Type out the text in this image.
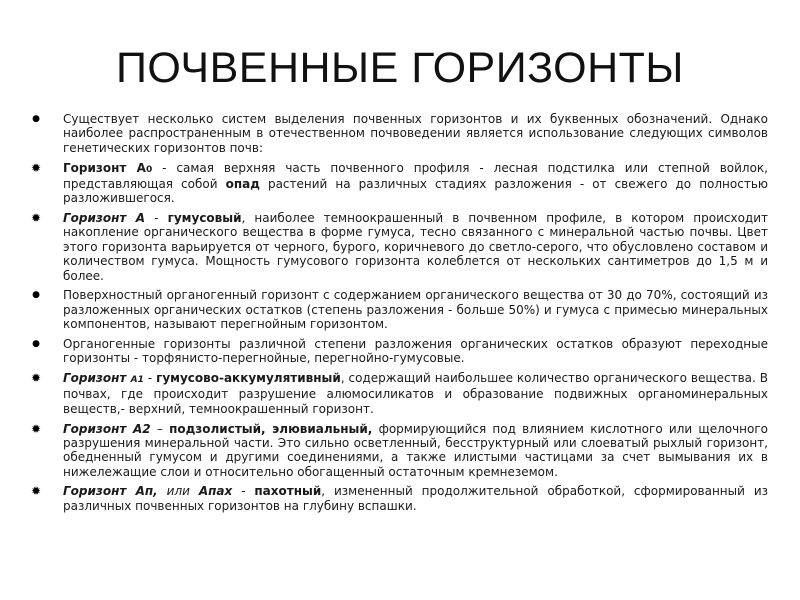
ПОЧВЕННЫЕ ГОРИЗОНТЫ
●
Существует несколько систем выделения почвенных горизонтов и их буквенных обозначений. Однако наиболее распространенным в отечественном почвоведении является использование следующих символов генетических горизонтов почв:
✹
Горизонт А0 - самая верхняя часть почвенного профиля - лесная подстилка или степной войлок, представляющая собой опад растений на различных стадиях разложения - от свежего до полностью разложившегося.
✹
Горизонт А - гумусовый, наиболее темноокрашенный в почвенном профиле, в котором происходит накопление органического вещества в форме гумуса, тесно связанного с минеральной частью почвы. Цвет этого горизонта варьируется от черного, бурого, коричневого до светло-серого, что обусловлено составом и количеством гумуса. Мощность гумусового горизонта колеблется от нескольких сантиметров до 1,5 м и более.
●
Поверхностный органогенный горизонт с содержанием органического вещества от 30 до 70%, состоящий из разложенных органических остатков (степень разложения - больше 50%) и гумуса с примесью минеральных компонентов, называют перегнойным горизонтом.
●
Органогенные горизонты различной степени разложения органических остатков образуют переходные горизонты - торфянисто-перегнойные, перегнойно-гумусовые.
✹
Горизонт А1 - гумусово-аккумулятивный, содержащий наибольшее количество органического вещества. В почвах, где происходит разрушение алюмосиликатов и образование подвижных органоминеральных веществ,- верхний, темноокрашенный горизонт.
✹
Горизонт А2 – подзолистый, элювиальный, формирующийся под влиянием кислотного или щелочного разрушения минеральной части. Это сильно осветленный, бесструктурный или слоеватый рыхлый горизонт, обедненный гумусом и другими соединениями, а также илистыми частицами за счет вымывания их в нижележащие слои и относительно обогащенный остаточным кремнеземом.
✹
Горизонт Ап, или Апах - пахотный, измененный продолжительной обработкой, сформированный из различных почвенных горизонтов на глубину вспашки.
